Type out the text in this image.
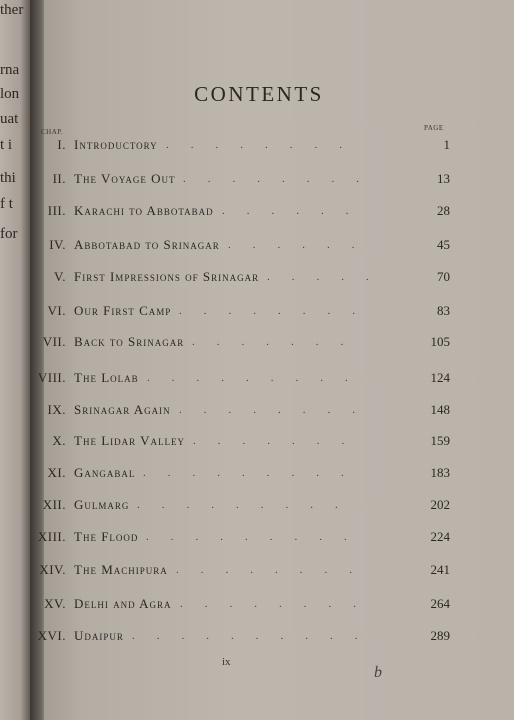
ther
rna
lon
uat
t i
thi
f t
for
CONTENTS
CHAP.	PAGE
I. Introductory ........	1
II. The Voyage Out ........	13
III. Karachi to Abbotabad ......	28
IV. Abbotabad to Srinagar ......	45
V. First Impressions of Srinagar .....	70
VI. Our First Camp ........	83
VII. Back to Srinagar .......	105
VIII. The Lolab .........	124
IX. Srinagar Again ........	148
X. The Lidar Valley .......	159
XI. Gangabal .........	183
XII. Gulmarg .........	202
XIII. The Flood .........	224
XIV. The Machipura ........	241
XV. Delhi and Agra ........	264
XVI. Udaipur ..........	289
ix
b
